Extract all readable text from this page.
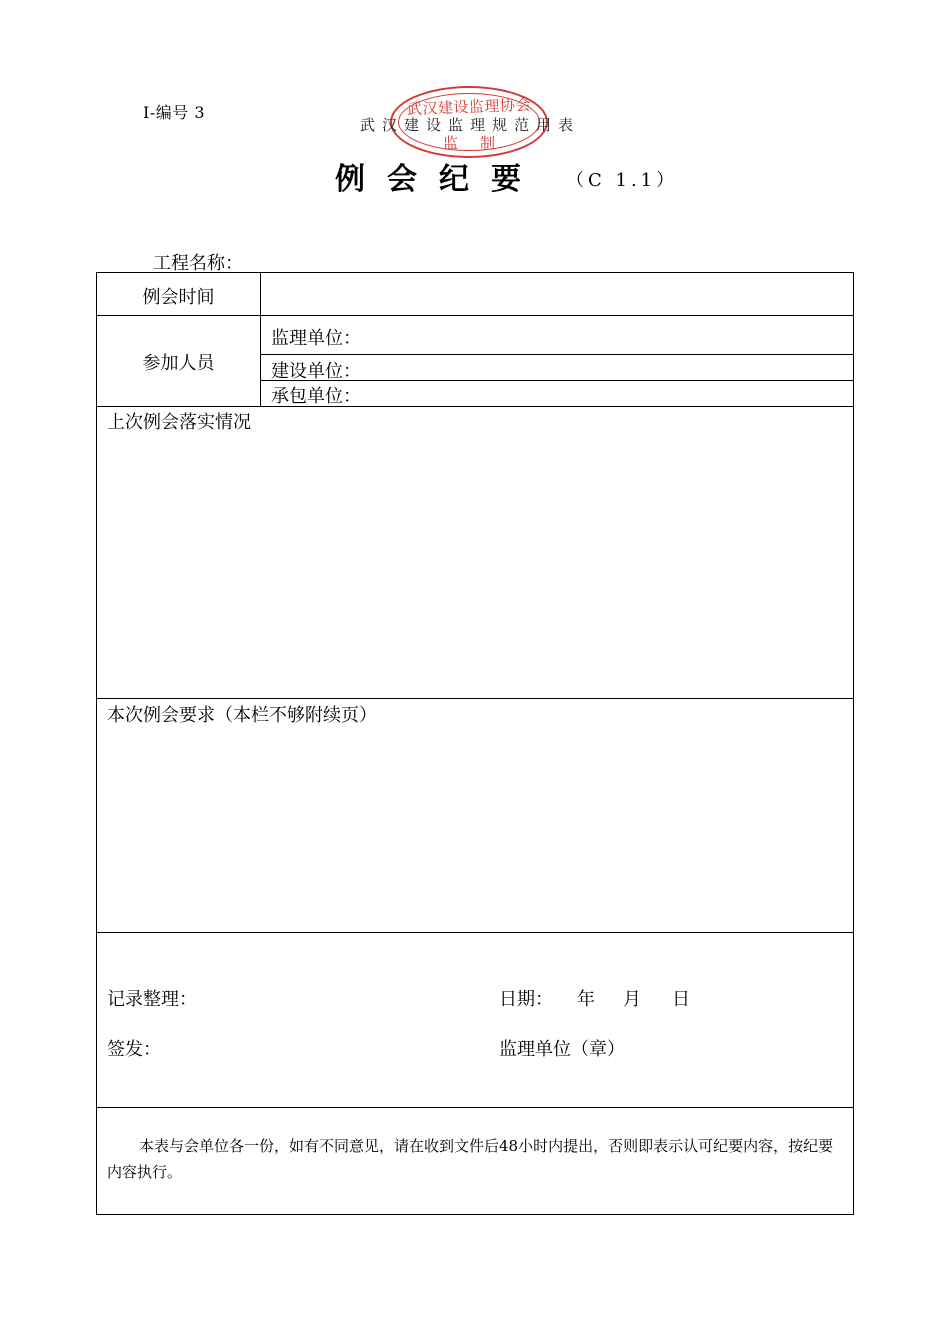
I-编号 3	武汉建设监理协会
监制
武汉建设监理规范用表
例会纪要 （C 1.1）
工程名称：
例会时间
参加人员
监理单位：
建设单位：
承包单位：
上次例会落实情况
本次例会要求（本栏不够附续页）
记录整理：	日期： 年 月 日
签发：	监理单位（章）
本表与会单位各一份，如有不同意见，请在收到文件后48小时内提出，否则即表示认可纪要内容，按纪要内容执行。
